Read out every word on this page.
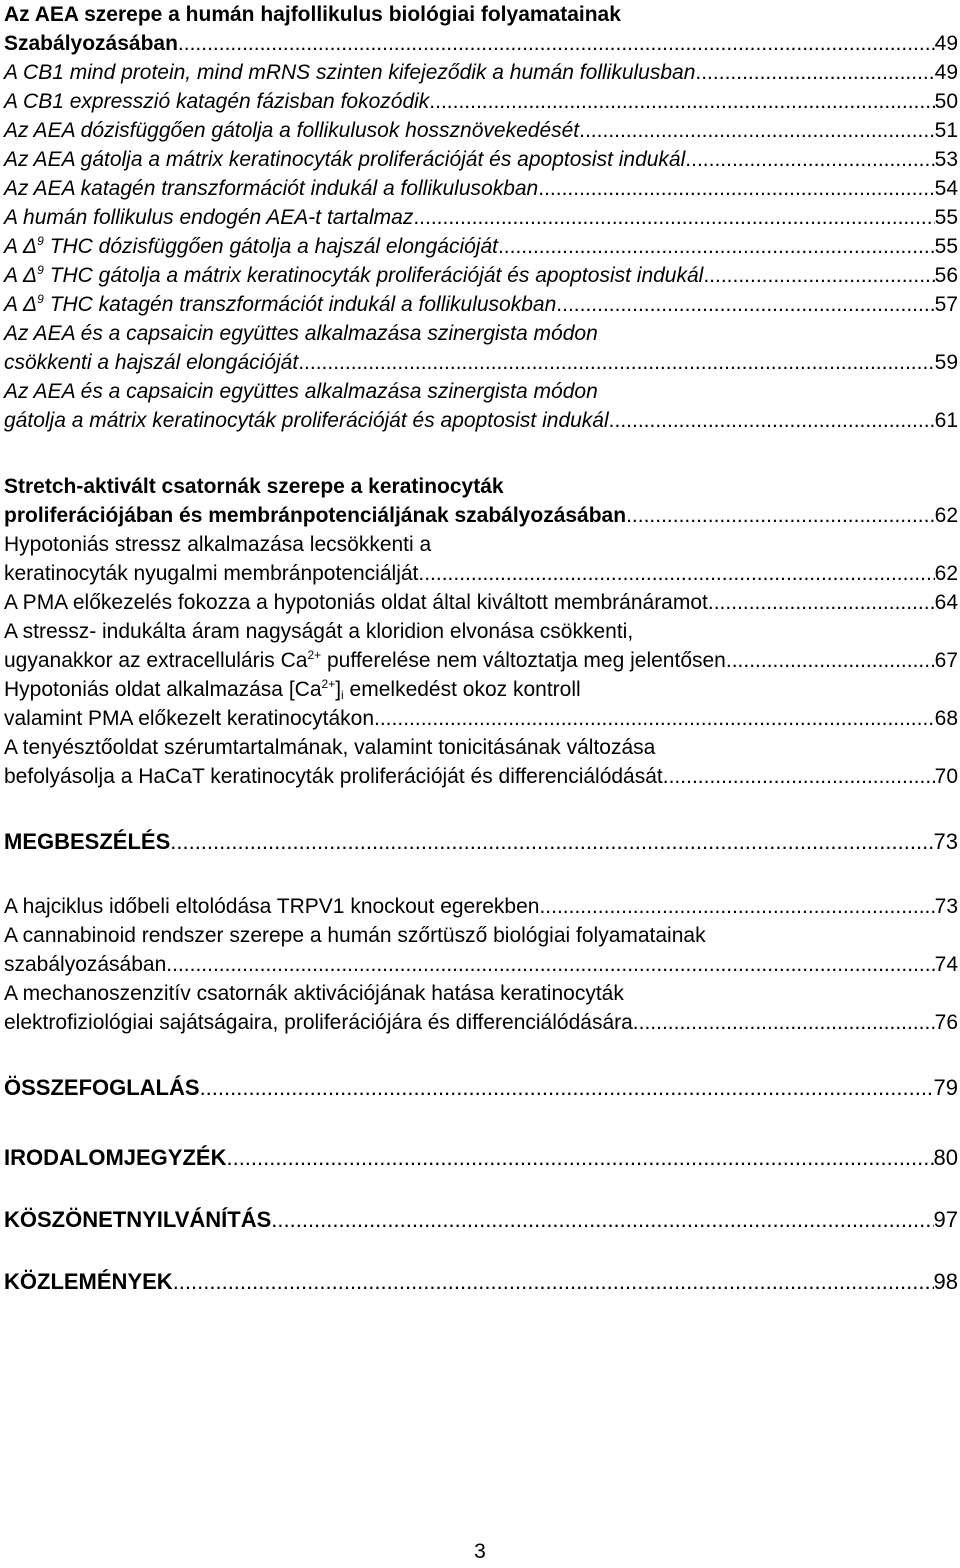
Az AEA szerepe a humán hajfollikulus biológiai folyamatainak
Szabályozásában .....	49
A CB1 mind protein, mind mRNS szinten kifejeződik a humán follikulusban .....	49
A CB1 expresszió katagén fázisban fokozódik .....	50
Az AEA dózisfüggően gátolja a follikulusok hossznövekedését .....	51
Az AEA gátolja a mátrix keratinocyták proliferációját és apoptosist indukál .....	53
Az AEA katagén transzformációt indukál a follikulusokban .....	54
A humán follikulus endogén AEA-t tartalmaz .....	55
A $\Delta^9$ THC dózisfüggően gátolja a hajszál elongációját .....	55
A $\Delta^9$ THC gátolja a mátrix keratinocyták proliferációját és apoptosist indukál .....	56
A $\Delta^9$ THC katagén transzformációt indukál a follikulusokban .....	57
Az AEA és a capsaicin együttes alkalmazása szinergista módon
csökkenti a hajszál elongációját .....	59
Az AEA és a capsaicin együttes alkalmazása szinergista módon
gátolja a mátrix keratinocyták proliferációját és apoptosist indukál .....	61
Stretch-aktivált csatornák szerepe a keratinocyták
proliferációjában és membránpotenciáljának szabályozásában .....	62
Hypotoniás stressz alkalmazása lecsökkenti a
keratinocyták nyugalmi membránpotenciálját .....	62
A PMA előkezelés fokozza a hypotoniás oldat által kiváltott membránáramot .....	64
A stressz- indukálta áram nagyságát a kloridion elvonása csökkenti,
ugyanakkor az extracelluláris $Ca^{2+}$ pufferelése nem változtatja meg jelentősen .....	67
Hypotoniás oldat alkalmazása $[Ca^{2+}]_i$ emelkedést okoz kontroll
valamint PMA előkezelt keratinocytákon .....	68
A tenyésztőoldat szérumtartalmának, valamint tonicitásának változása
befolyásolja a HaCaT keratinocyták proliferációját és differenciálódását .....	70
MEGBESZÉLÉS .....	73
A hajciklus időbeli eltolódása TRPV1 knockout egerekben .....	73
A cannabinoid rendszer szerepe a humán szőrtüsző biológiai folyamatainak
szabályozásában .....	74
A mechanoszenzitív csatornák aktivációjának hatása keratinocyták
elektrofiziológiai sajátságaira, proliferációjára és differenciálódására .....	76
ÖSSZEFOGLALÁS .....	79
IRODALOMJEGYZÉK .....	80
KÖSZÖNETNYILVÁNÍTÁS .....	97
KÖZLEMÉNYEK .....	98
3
